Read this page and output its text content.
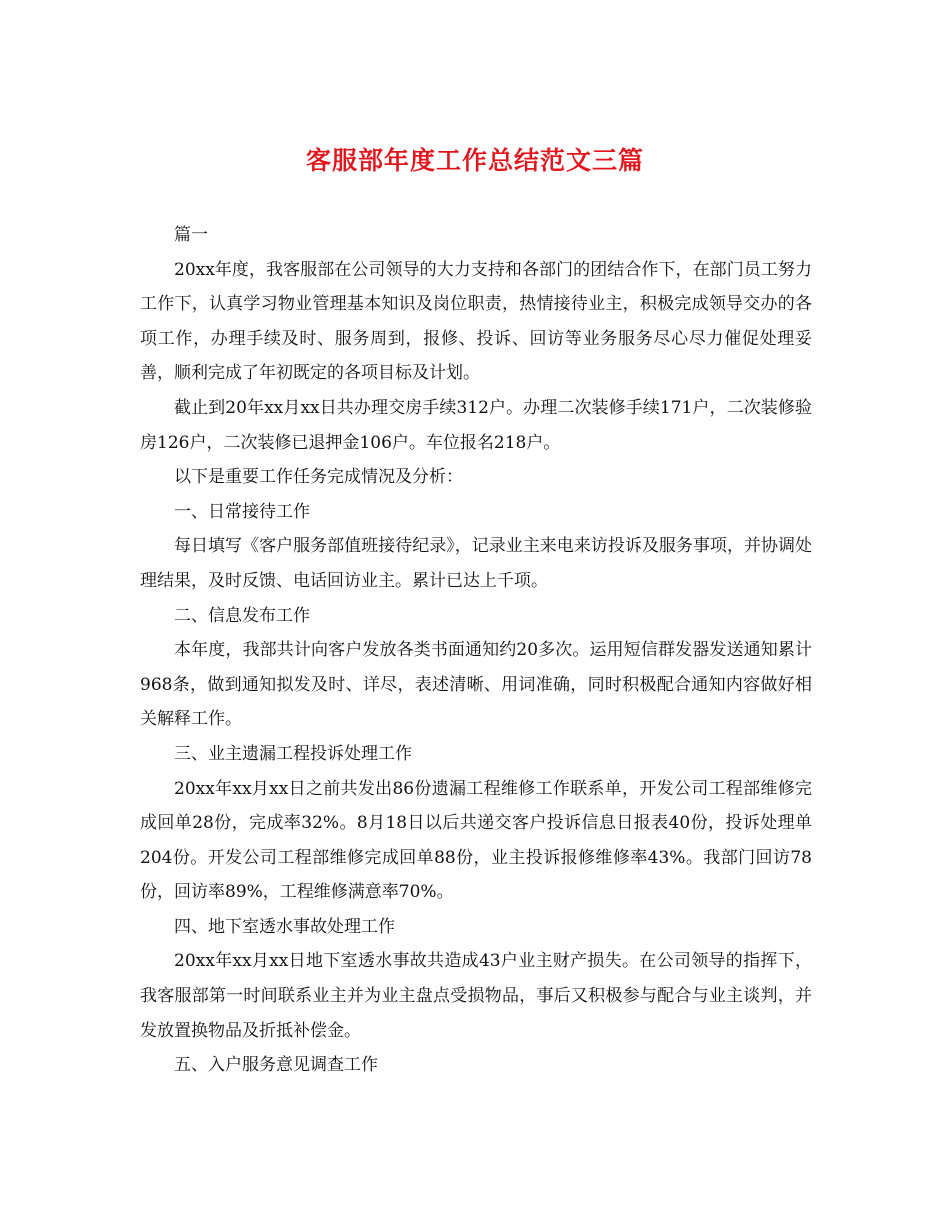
客服部年度工作总结范文三篇

篇一

20xx年度，我客服部在公司领导的大力支持和各部门的团结合作下，在部门员工努力工作下，认真学习物业管理基本知识及岗位职责，热情接待业主，积极完成领导交办的各项工作，办理手续及时、服务周到，报修、投诉、回访等业务服务尽心尽力催促处理妥善，顺利完成了年初既定的各项目标及计划。

截止到20年xx月xx日共办理交房手续312户。办理二次装修手续171户，二次装修验房126户，二次装修已退押金106户。车位报名218户。

以下是重要工作任务完成情况及分析：

一、日常接待工作

每日填写《客户服务部值班接待纪录》，记录业主来电来访投诉及服务事项，并协调处理结果，及时反馈、电话回访业主。累计已达上千项。

二、信息发布工作

本年度，我部共计向客户发放各类书面通知约20多次。运用短信群发器发送通知累计968条，做到通知拟发及时、详尽，表述清晰、用词准确，同时积极配合通知内容做好相关解释工作。

三、业主遗漏工程投诉处理工作

20xx年xx月xx日之前共发出86份遗漏工程维修工作联系单，开发公司工程部维修完成回单28份，完成率32%。8月18日以后共递交客户投诉信息日报表40份，投诉处理单204份。开发公司工程部维修完成回单88份，业主投诉报修维修率43%。我部门回访78份，回访率89%，工程维修满意率70%。

四、地下室透水事故处理工作

20xx年xx月xx日地下室透水事故共造成43户业主财产损失。在公司领导的指挥下，我客服部第一时间联系业主并为业主盘点受损物品，事后又积极参与配合与业主谈判，并发放置换物品及折抵补偿金。

五、入户服务意见调查工作
